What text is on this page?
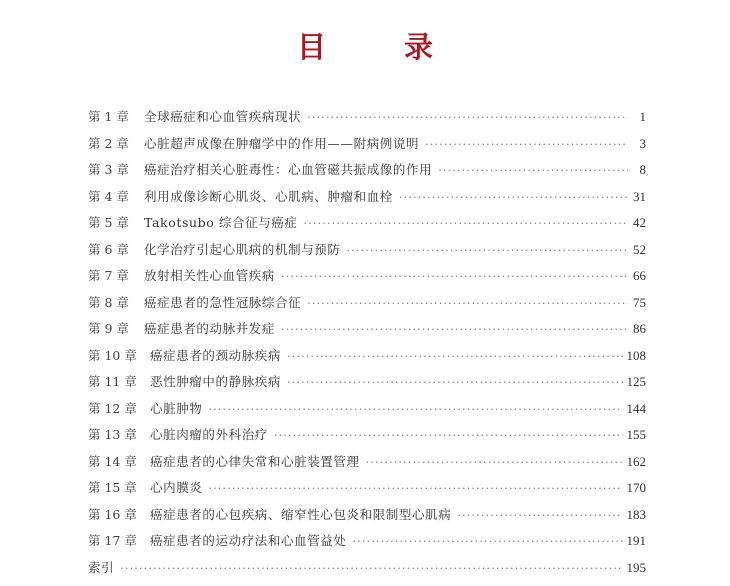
目 录
第 1 章	全球癌症和心血管疾病现状 ·····	1
第 2 章	心脏超声成像在肿瘤学中的作用——附病例说明 ·····	3
第 3 章	癌症治疗相关心脏毒性：心血管磁共振成像的作用 ·····	8
第 4 章	利用成像诊断心肌炎、心肌病、肿瘤和血栓 ·····	31
第 5 章	Takotsubo 综合征与癌症 ·····	42
第 6 章	化学治疗引起心肌病的机制与预防 ·····	52
第 7 章	放射相关性心血管疾病 ·····	66
第 8 章	癌症患者的急性冠脉综合征 ·····	75
第 9 章	癌症患者的动脉并发症 ·····	86
第 10 章	癌症患者的颈动脉疾病 ·····	108
第 11 章	恶性肿瘤中的静脉疾病 ·····	125
第 12 章	心脏肿物 ·····	144
第 13 章	心脏肉瘤的外科治疗 ·····	155
第 14 章	癌症患者的心律失常和心脏装置管理 ·····	162
第 15 章	心内膜炎 ·····	170
第 16 章	癌症患者的心包疾病、缩窄性心包炎和限制型心肌病 ·····	183
第 17 章	癌症患者的运动疗法和心血管益处 ·····	191
索引 ·····	195
